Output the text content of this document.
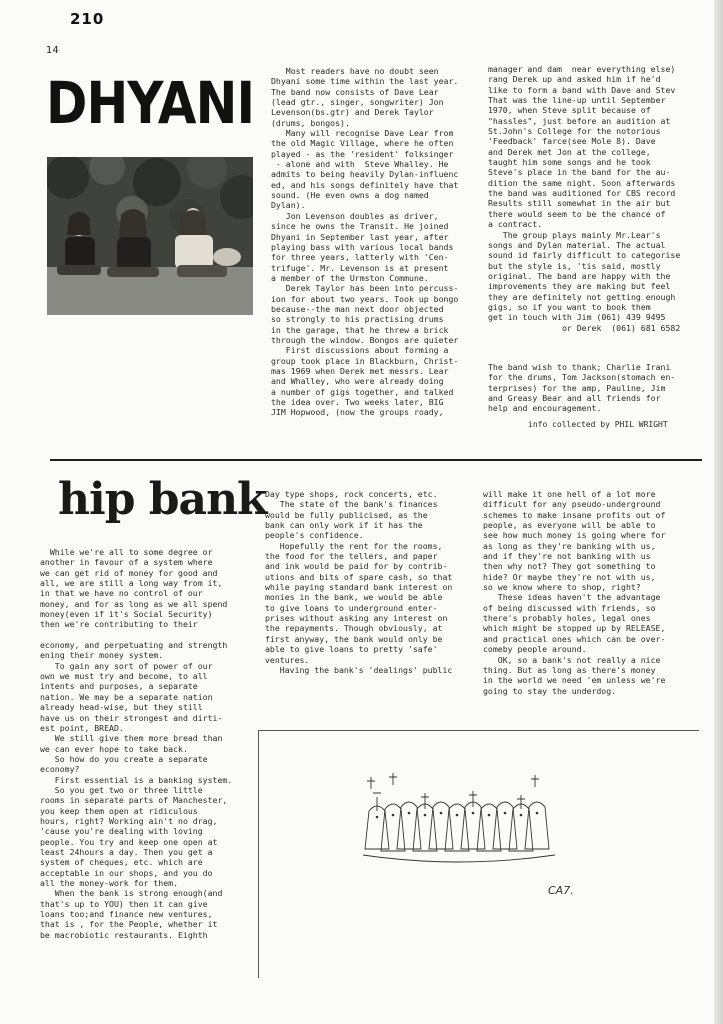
210
14
DHYANI Most readers have no doubt seen
Dhyani some time within the last year.
The band now consists of Dave Lear
(lead gtr., singer, songwriter) Jon
Levenson(bs.gtr) and Derek Taylor
(drums, bongos).
Many will recognise Dave Lear from
the old Magic Village, where he often
played - as the 'resident' folksinger
- alone and with  Steve Whalley. He
admits to being heavily Dylan-influenc
ed, and his songs definitely have that
sound. (He even owns a dog named
Dylan).
Jon Levenson doubles as driver,
since he owns the Transit. He joined
Dhyani in September last year, after
playing bass with various local bands
for three years, latterly with 'Cen-
trifuge'. Mr. Levenson is at present
a member of the Urmston Commune.
Derek Taylor has been into percuss-
ion for about two years. Took up bongo
because--the man next door objected
so strongly to his practising drums
in the garage, that he threw a brick
through the window. Bongos are quieter
First discussions about forming a
group took place in Blackburn, Christ-
mas 1969 when Derek met messrs. Lear
and Whalley, who were already doing
a number of gigs together, and talked
the idea over. Two weeks later, BIG
JIM Hopwood, (now the groups roady,
manager and dam  near everything else)
rang Derek up and asked him if he'd
like to form a band with Dave and Stev
That was the line-up until September
1970, when Steve split because of
"hassles", just before an audition at
St.John's College for the notorious
'Feedback' farce(see Mole 8). Dave
and Derek met Jon at the college,
taught him some songs and he took
Steve's place in the band for the au-
dition the same night. Soon afterwards
the band was auditioned for CBS record
Results still somewhat in the air but
there would seem to be the chance of
a contract.
The group plays mainly Mr.Lear's
songs and Dylan material. The actual
sound id fairly difficult to categorise
but the style is, 'tis said, mostly
original. The band are happy with the
improvements they are making but feel
they are definitely not getting enough
gigs, so if you want to book them
get in touch with Jim (061) 439 9495
or Derek  (061) 681 6582
The band wish to thank; Charlie Irani
for the drums, Tom Jackson(stomach en-
terprises) for the amp, Pauline, Jim
and Greasy Bear and all friends for
help and encouragement.
info collected by PHIL WRIGHT
hip bank
While we're all to some degree or
another in favour of a system where
we can get rid of money for good and
all, we are still a long way from it,
in that we have no control of our
money, and for as long as we all spend
money(even if it's Social Security)
then we're contributing to their

economy, and perpetuating and strength
ening their money system.
To gain any sort of power of our
own we must try and become, to all
intents and purposes, a separate
nation. We may be a separate nation
already head-wise, but they still
have us on their strongest and dirti-
est point, BREAD.
We still give them more bread than
we can ever hope to take back.
So how do you create a separate
economy?
First essential is a banking system.
So you get two or three little
rooms in separate parts of Manchester,
you keep them open at ridiculous
hours, right? Working ain't no drag,
'cause you're dealing with loving
people. You try and keep one open at
least 24hours a day. Then you get a
system of cheques, etc. which are
acceptable in our shops, and you do
all the money-work for them.
When the bank is strong enough(and
that's up to YOU) then it can give
loans too;and finance new ventures,
that is , for the People, whether it
be macrobiotic restaurants. Eighth
Day type shops, rock concerts, etc.
The state of the bank's finances
would be fully publicised, as the
bank can only work if it has the
people's confidence.
Hopefully the rent for the rooms,
the food for the tellers, and paper
and ink would be paid for by contrib-
utions and bits of spare cash, so that
while paying standard bank interest on
monies in the bank, we would be able
to give loans to underground enter-
prises without asking any interest on
the repayments. Though obviously, at
first anyway, the bank would only be
able to give loans to pretty 'safe'
ventures.
Having the bank's 'dealings' public
will make it one hell of a lot more
difficult for any pseudo-underground
schemes to make insane profits out of
people, as everyone will be able to
see how much money is going where for
as long as they're banking with us,
and if they're not banking with us
then why not? They got something to
hide? Or maybe they're not with us,
so we know where to shop, right?
These ideas haven't the advantage
of being discussed with friends, so
there's probably holes, legal ones
which might be stopped up by RELEASE,
and practical ones which can be over-
comeby people around.
OK, so a bank's not really a nice
thing. But as long as there's money
in the world we need 'em unless we're
going to stay the underdog.
CA7.
